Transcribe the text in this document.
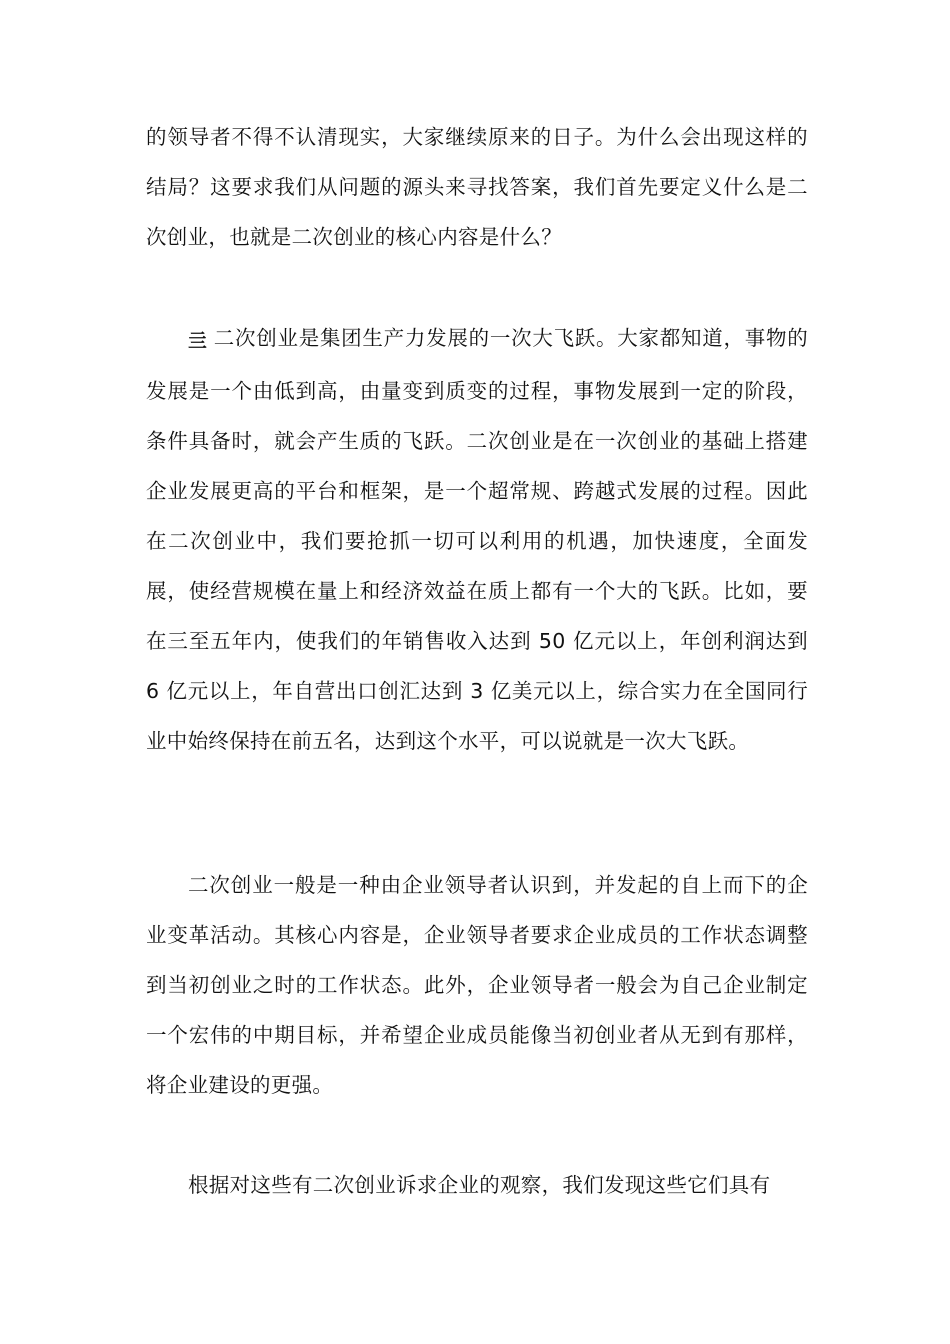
的领导者不得不认清现实，大家继续原来的日子。为什么会出现这样的结局？这要求我们从问题的源头来寻找答案，我们首先要定义什么是二次创业，也就是二次创业的核心内容是什么？

亖 二次创业是集团生产力发展的一次大飞跃。大家都知道，事物的发展是一个由低到高，由量变到质变的过程，事物发展到一定的阶段，条件具备时，就会产生质的飞跃。二次创业是在一次创业的基础上搭建企业发展更高的平台和框架，是一个超常规、跨越式发展的过程。因此在二次创业中，我们要抢抓一切可以利用的机遇，加快速度，全面发展，使经营规模在量上和经济效益在质上都有一个大的飞跃。比如，要在三至五年内，使我们的年销售收入达到 50 亿元以上，年创利润达到 6 亿元以上，年自营出口创汇达到 3 亿美元以上，综合实力在全国同行业中始终保持在前五名，达到这个水平，可以说就是一次大飞跃。

二次创业一般是一种由企业领导者认识到，并发起的自上而下的企业变革活动。其核心内容是，企业领导者要求企业成员的工作状态调整到当初创业之时的工作状态。此外，企业领导者一般会为自己企业制定一个宏伟的中期目标，并希望企业成员能像当初创业者从无到有那样，将企业建设的更强。

根据对这些有二次创业诉求企业的观察，我们发现这些它们具有
